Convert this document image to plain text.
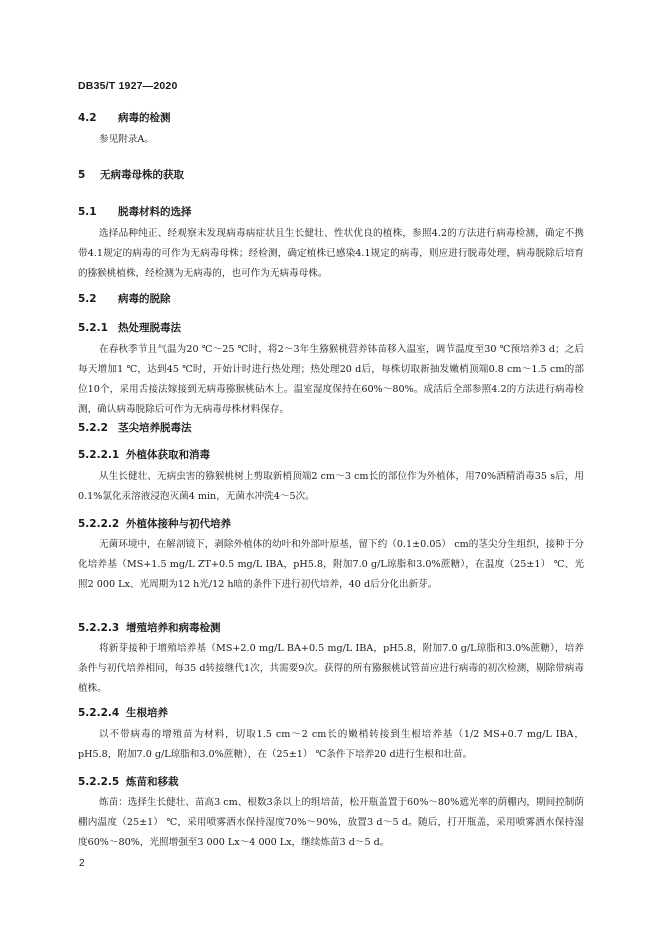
DB35/T 1927—2020

4.2 病毒的检测

参见附录A。

5 无病毒母株的获取

5.1 脱毒材料的选择

选择品种纯正、经观察未发现病毒病症状且生长健壮、性状优良的植株，参照4.2的方法进行病毒检测，确定不携带4.1规定的病毒的可作为无病毒母株；经检测，确定植株已感染4.1规定的病毒，则应进行脱毒处理，病毒脱除后培育的猕猴桃植株，经检测为无病毒的，也可作为无病毒母株。

5.2 病毒的脱除

5.2.1 热处理脱毒法

在春秋季节且气温为20 ℃～25 ℃时，将2～3年生猕猴桃营养钵苗移入温室，调节温度至30 ℃预培养3 d；之后每天增加1 ℃，达到45 ℃时，开始计时进行热处理；热处理20 d后，每株切取新抽发嫩梢顶端0.8 cm～1.5 cm的部位10个，采用舌接法嫁接到无病毒猕猴桃砧木上。温室湿度保持在60%～80%。成活后全部参照4.2的方法进行病毒检测，确认病毒脱除后可作为无病毒母株材料保存。

5.2.2 茎尖培养脱毒法

5.2.2.1 外植体获取和消毒

从生长健壮、无病虫害的猕猴桃树上剪取新梢顶端2 cm～3 cm长的部位作为外植体，用70%酒精消毒35 s后，用0.1%氯化汞溶液浸泡灭菌4 min，无菌水冲洗4～5次。

5.2.2.2 外植体接种与初代培养

无菌环境中，在解剖镜下，剥除外植体的幼叶和外部叶原基，留下约（0.1±0.05） cm的茎尖分生组织，接种于分化培养基（MS+1.5 mg/L ZT+0.5 mg/L IBA，pH5.8，附加7.0 g/L琼脂和3.0%蔗糖），在温度（25±1） ℃、光照2 000 Lx、光周期为12 h光/12 h暗的条件下进行初代培养，40 d后分化出新芽。

5.2.2.3 增殖培养和病毒检测

将新芽接种于增殖培养基（MS+2.0 mg/L BA+0.5 mg/L IBA，pH5.8，附加7.0 g/L琼脂和3.0%蔗糖），培养条件与初代培养相同，每35 d转接继代1次，共需要9次。获得的所有猕猴桃试管苗应进行病毒的初次检测，剔除带病毒植株。

5.2.2.4 生根培养

以不带病毒的增殖苗为材料，切取1.5 cm～2 cm长的嫩梢转接到生根培养基（1/2 MS+0.7 mg/L IBA，pH5.8，附加7.0 g/L琼脂和3.0%蔗糖），在（25±1） ℃条件下培养20 d进行生根和壮苗。

5.2.2.5 炼苗和移栽

炼苗：选择生长健壮、苗高3 cm、根数3条以上的组培苗，松开瓶盖置于60%～80%遮光率的荫棚内，期间控制荫棚内温度（25±1） ℃，采用喷雾洒水保持湿度70%～90%，放置3 d～5 d。随后，打开瓶盖，采用喷雾洒水保持湿度60%～80%，光照增强至3 000 Lx～4 000 Lx，继续炼苗3 d～5 d。

2
